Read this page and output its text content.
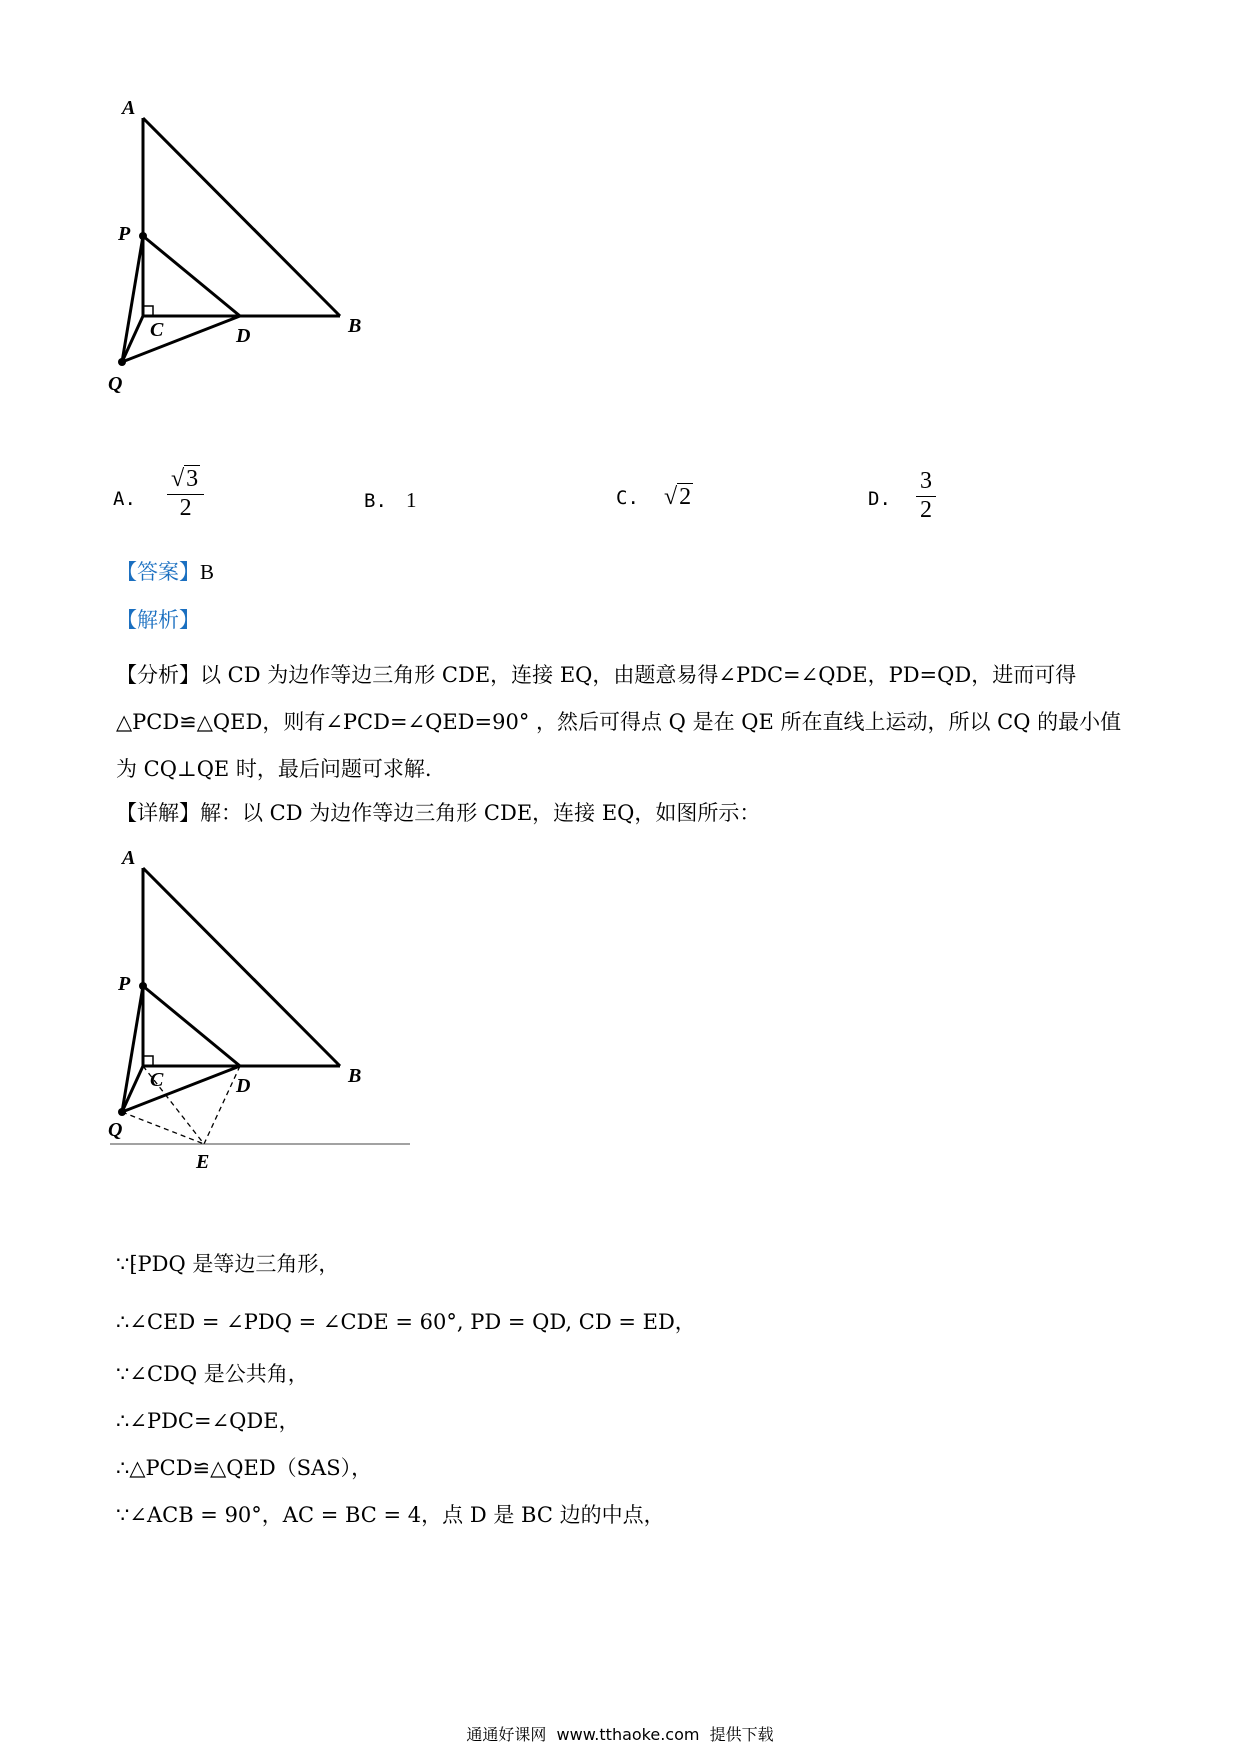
A
P
C	D	B
Q
A. $\frac{√3}{2}$	B. 1	C. √2	D. $\frac{3}{2}$
【答案】B
【解析】
【分析】以 CD 为边作等边三角形 CDE，连接 EQ，由题意易得∠PDC=∠QDE，PD=QD，进而可得
△PCD≌△QED，则有∠PCD=∠QED=90° ，然后可得点 Q 是在 QE 所在直线上运动，所以 CQ 的最小值
为 CQ⊥QE 时，最后问题可求解.
【详解】解：以 CD 为边作等边三角形 CDE，连接 EQ，如图所示：
A
P
C	D	B
Q
E
∵⁅PDQ 是等边三角形，
∴∠CED = ∠PDQ = ∠CDE = 60°, PD = QD, CD = ED，
∵∠CDQ 是公共角，
∴∠PDC=∠QDE，
∴△PCD≌△QED（SAS），
∵∠ACB = 90°，AC = BC = 4，点 D 是 BC 边的中点，
通通好课网  www.tthaoke.com  提供下载
